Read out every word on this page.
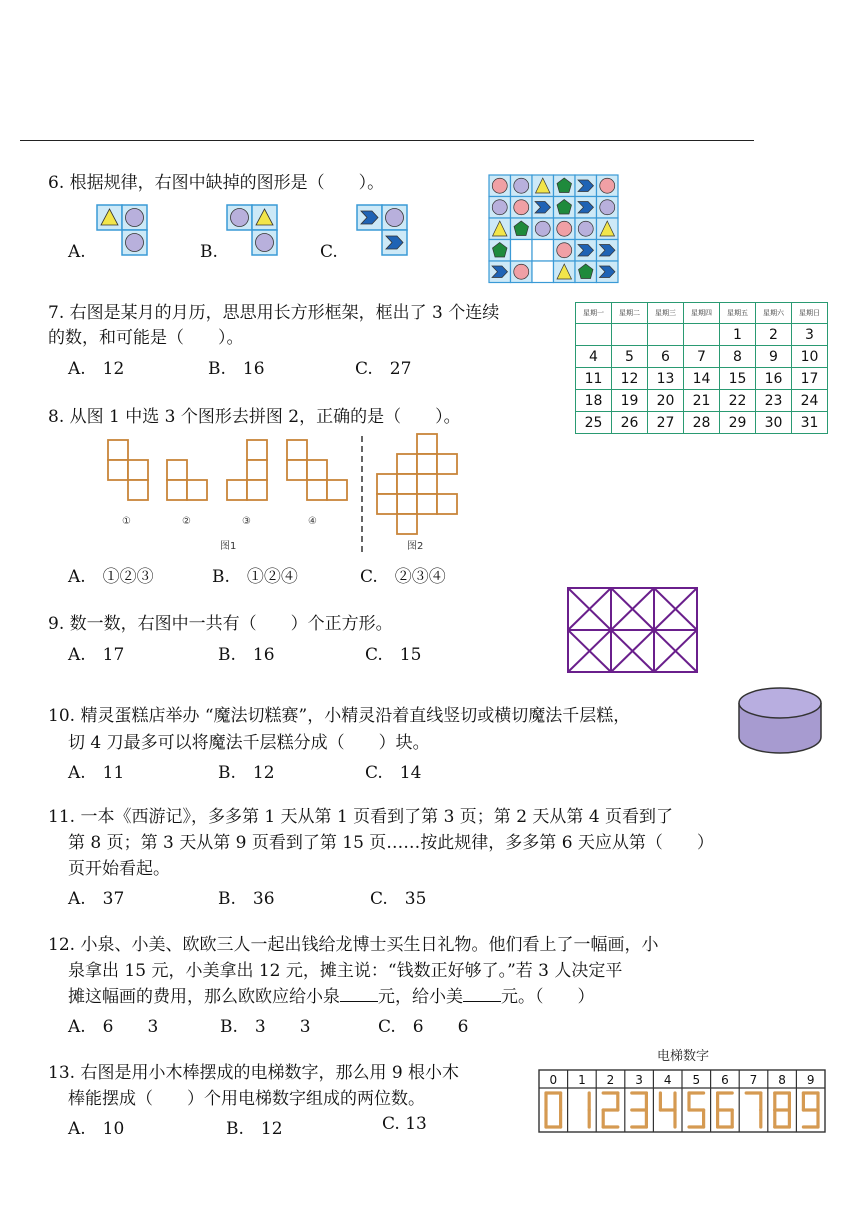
6. 根据规律，右图中缺掉的图形是（　　）。
A.	B.	C.
7. 右图是某月的月历，思思用长方形框架，框出了 3 个连续
的数，和可能是（　　）。
A.　12	B.　16	C.　27
星期一	星期二	星期三	星期四	星期五	星期六	星期日
				1	2	3
4	5	6	7	8	9	10
11	12	13	14	15	16	17
18	19	20	21	22	23	24
25	26	27	28	29	30	31
8. 从图 1 中选 3 个图形去拼图 2，正确的是（　　）。
①	②	③	④
图1	图2
A.　①②③	B.　①②④	C.　②③④
9. 数一数，右图中一共有（　　）个正方形。
A.　17	B.　16	C.　15
10. 精灵蛋糕店举办 “魔法切糕赛”，小精灵沿着直线竖切或横切魔法千层糕，
切 4 刀最多可以将魔法千层糕分成（　　）块。
A.　11	B.　12	C.　14
11. 一本《西游记》，多多第 1 天从第 1 页看到了第 3 页；第 2 天从第 4 页看到了
第 8 页；第 3 天从第 9 页看到了第 15 页……按此规律，多多第 6 天应从第（　　）
页开始看起。
A.　37	B.　36	C.　35
12. 小泉、小美、欧欧三人一起出钱给龙博士买生日礼物。他们看上了一幅画，小
泉拿出 15 元，小美拿出 12 元，摊主说：“钱数正好够了。”若 3 人决定平
摊这幅画的费用，那么欧欧应给小泉 元，给小美 元。（　　）
A.　6　　3	B.　3　　3	C.　6　　6
13. 右图是用小木棒摆成的电梯数字，那么用 9 根小木
棒能摆成（　　）个用电梯数字组成的两位数。
A.　10	B.　12	C. 13
电梯数字
0 1 2 3 4 5 6 7 8 9
